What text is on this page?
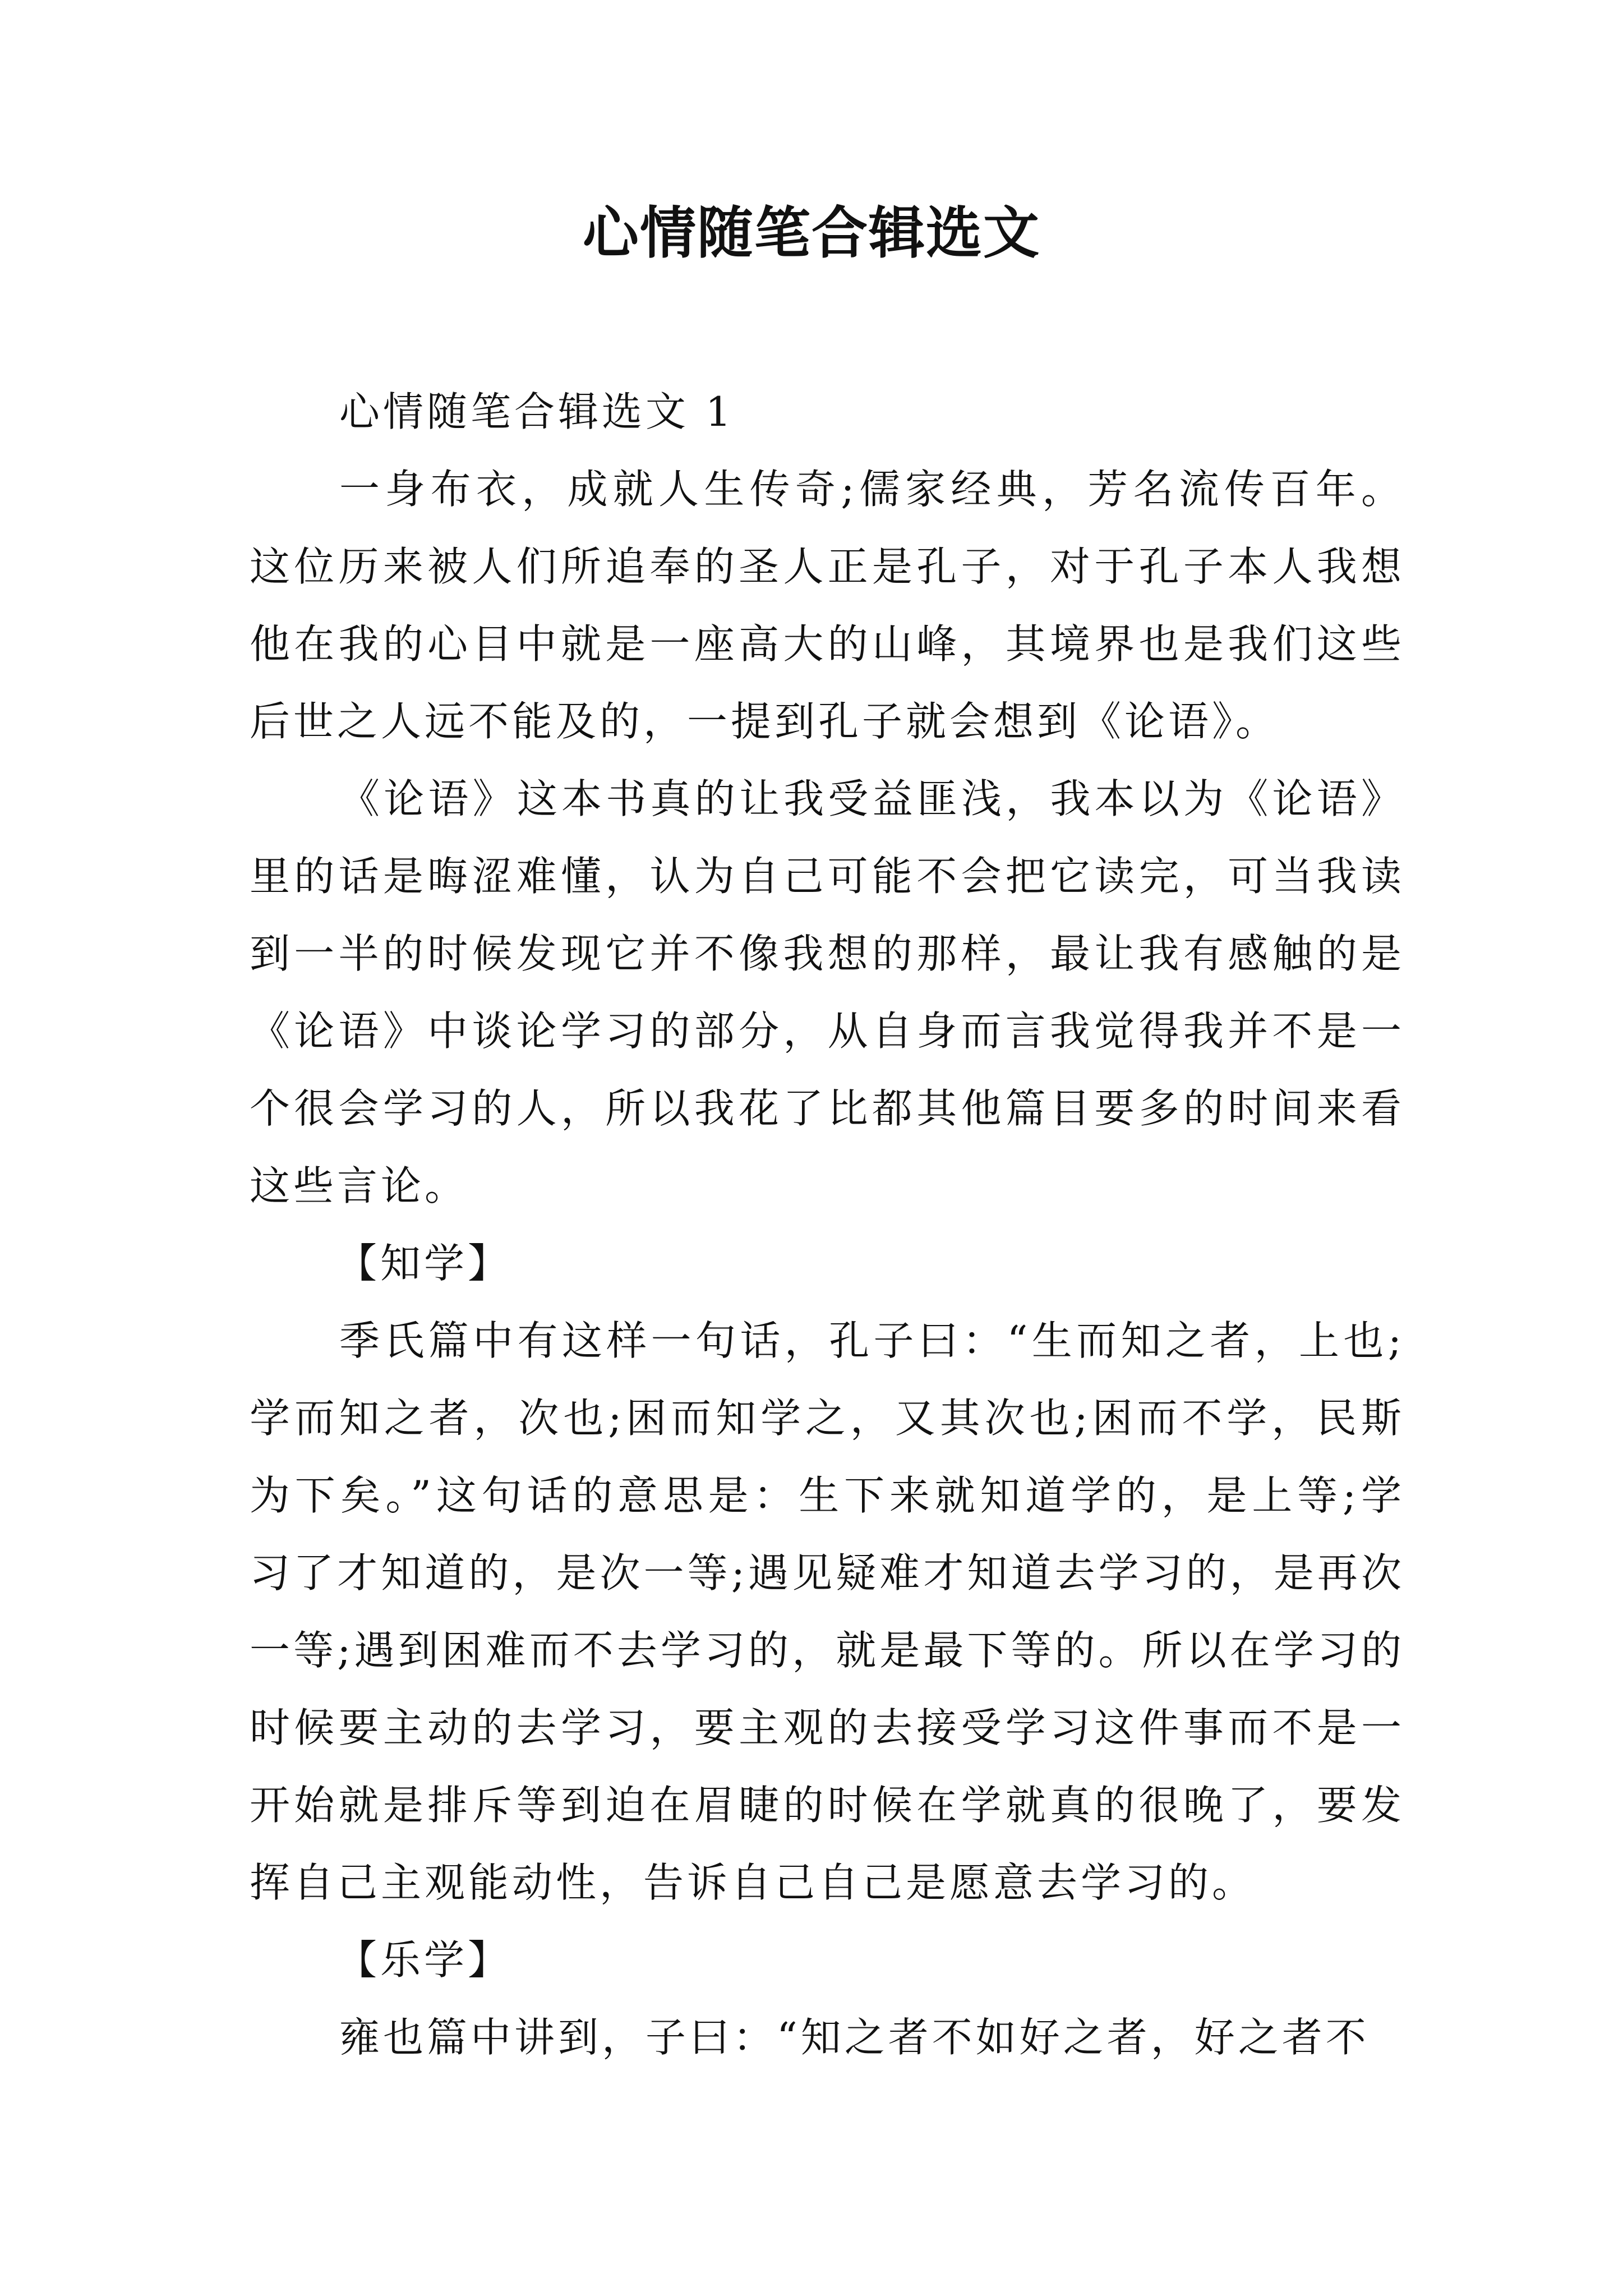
心情随笔合辑选文

心情随笔合辑选文 1

一身布衣，成就人生传奇;儒家经典，芳名流传百年。这位历来被人们所追奉的圣人正是孔子，对于孔子本人我想他在我的心目中就是一座高大的山峰，其境界也是我们这些后世之人远不能及的，一提到孔子就会想到《论语》。

《论语》这本书真的让我受益匪浅，我本以为《论语》里的话是晦涩难懂，认为自己可能不会把它读完，可当我读到一半的时候发现它并不像我想的那样，最让我有感触的是《论语》中谈论学习的部分，从自身而言我觉得我并不是一个很会学习的人，所以我花了比都其他篇目要多的时间来看这些言论。

【知学】

季氏篇中有这样一句话，孔子曰：“生而知之者，上也;学而知之者，次也;困而知学之，又其次也;困而不学，民斯为下矣。”这句话的意思是：生下来就知道学的，是上等;学习了才知道的，是次一等;遇见疑难才知道去学习的，是再次一等;遇到困难而不去学习的，就是最下等的。所以在学习的时候要主动的去学习，要主观的去接受学习这件事而不是一开始就是排斥等到迫在眉睫的时候在学就真的很晚了，要发挥自己主观能动性，告诉自己自己是愿意去学习的。

【乐学】

雍也篇中讲到，子曰：“知之者不如好之者，好之者不
